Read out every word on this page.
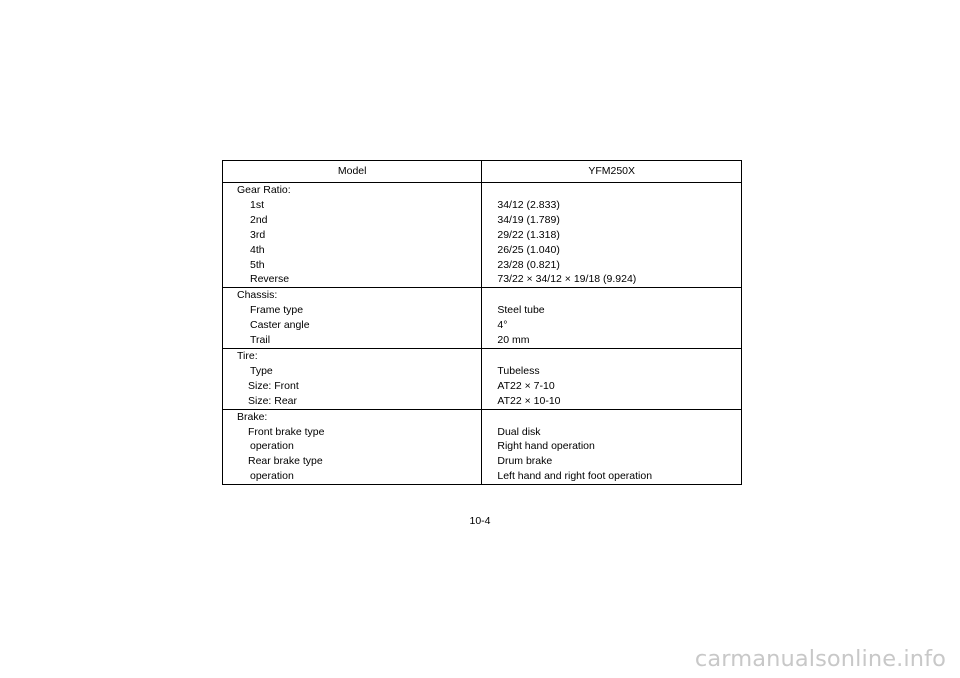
Model	YFM250X
Gear Ratio:	
1st	34/12 (2.833)
2nd	34/19 (1.789)
3rd	29/22 (1.318)
4th	26/25 (1.040)
5th	23/28 (0.821)
Reverse	73/22 × 34/12 × 19/18 (9.924)
Chassis:	
Frame type	Steel tube
Caster angle	4°
Trail	20 mm
Tire:	
Type	Tubeless
Size: Front	AT22 × 7-10
Size: Rear	AT22 × 10-10
Brake:	
Front brake type	Dual disk
operation	Right hand operation
Rear brake type	Drum brake
operation	Left hand and right foot operation
10-4
carmanualsonline.info
